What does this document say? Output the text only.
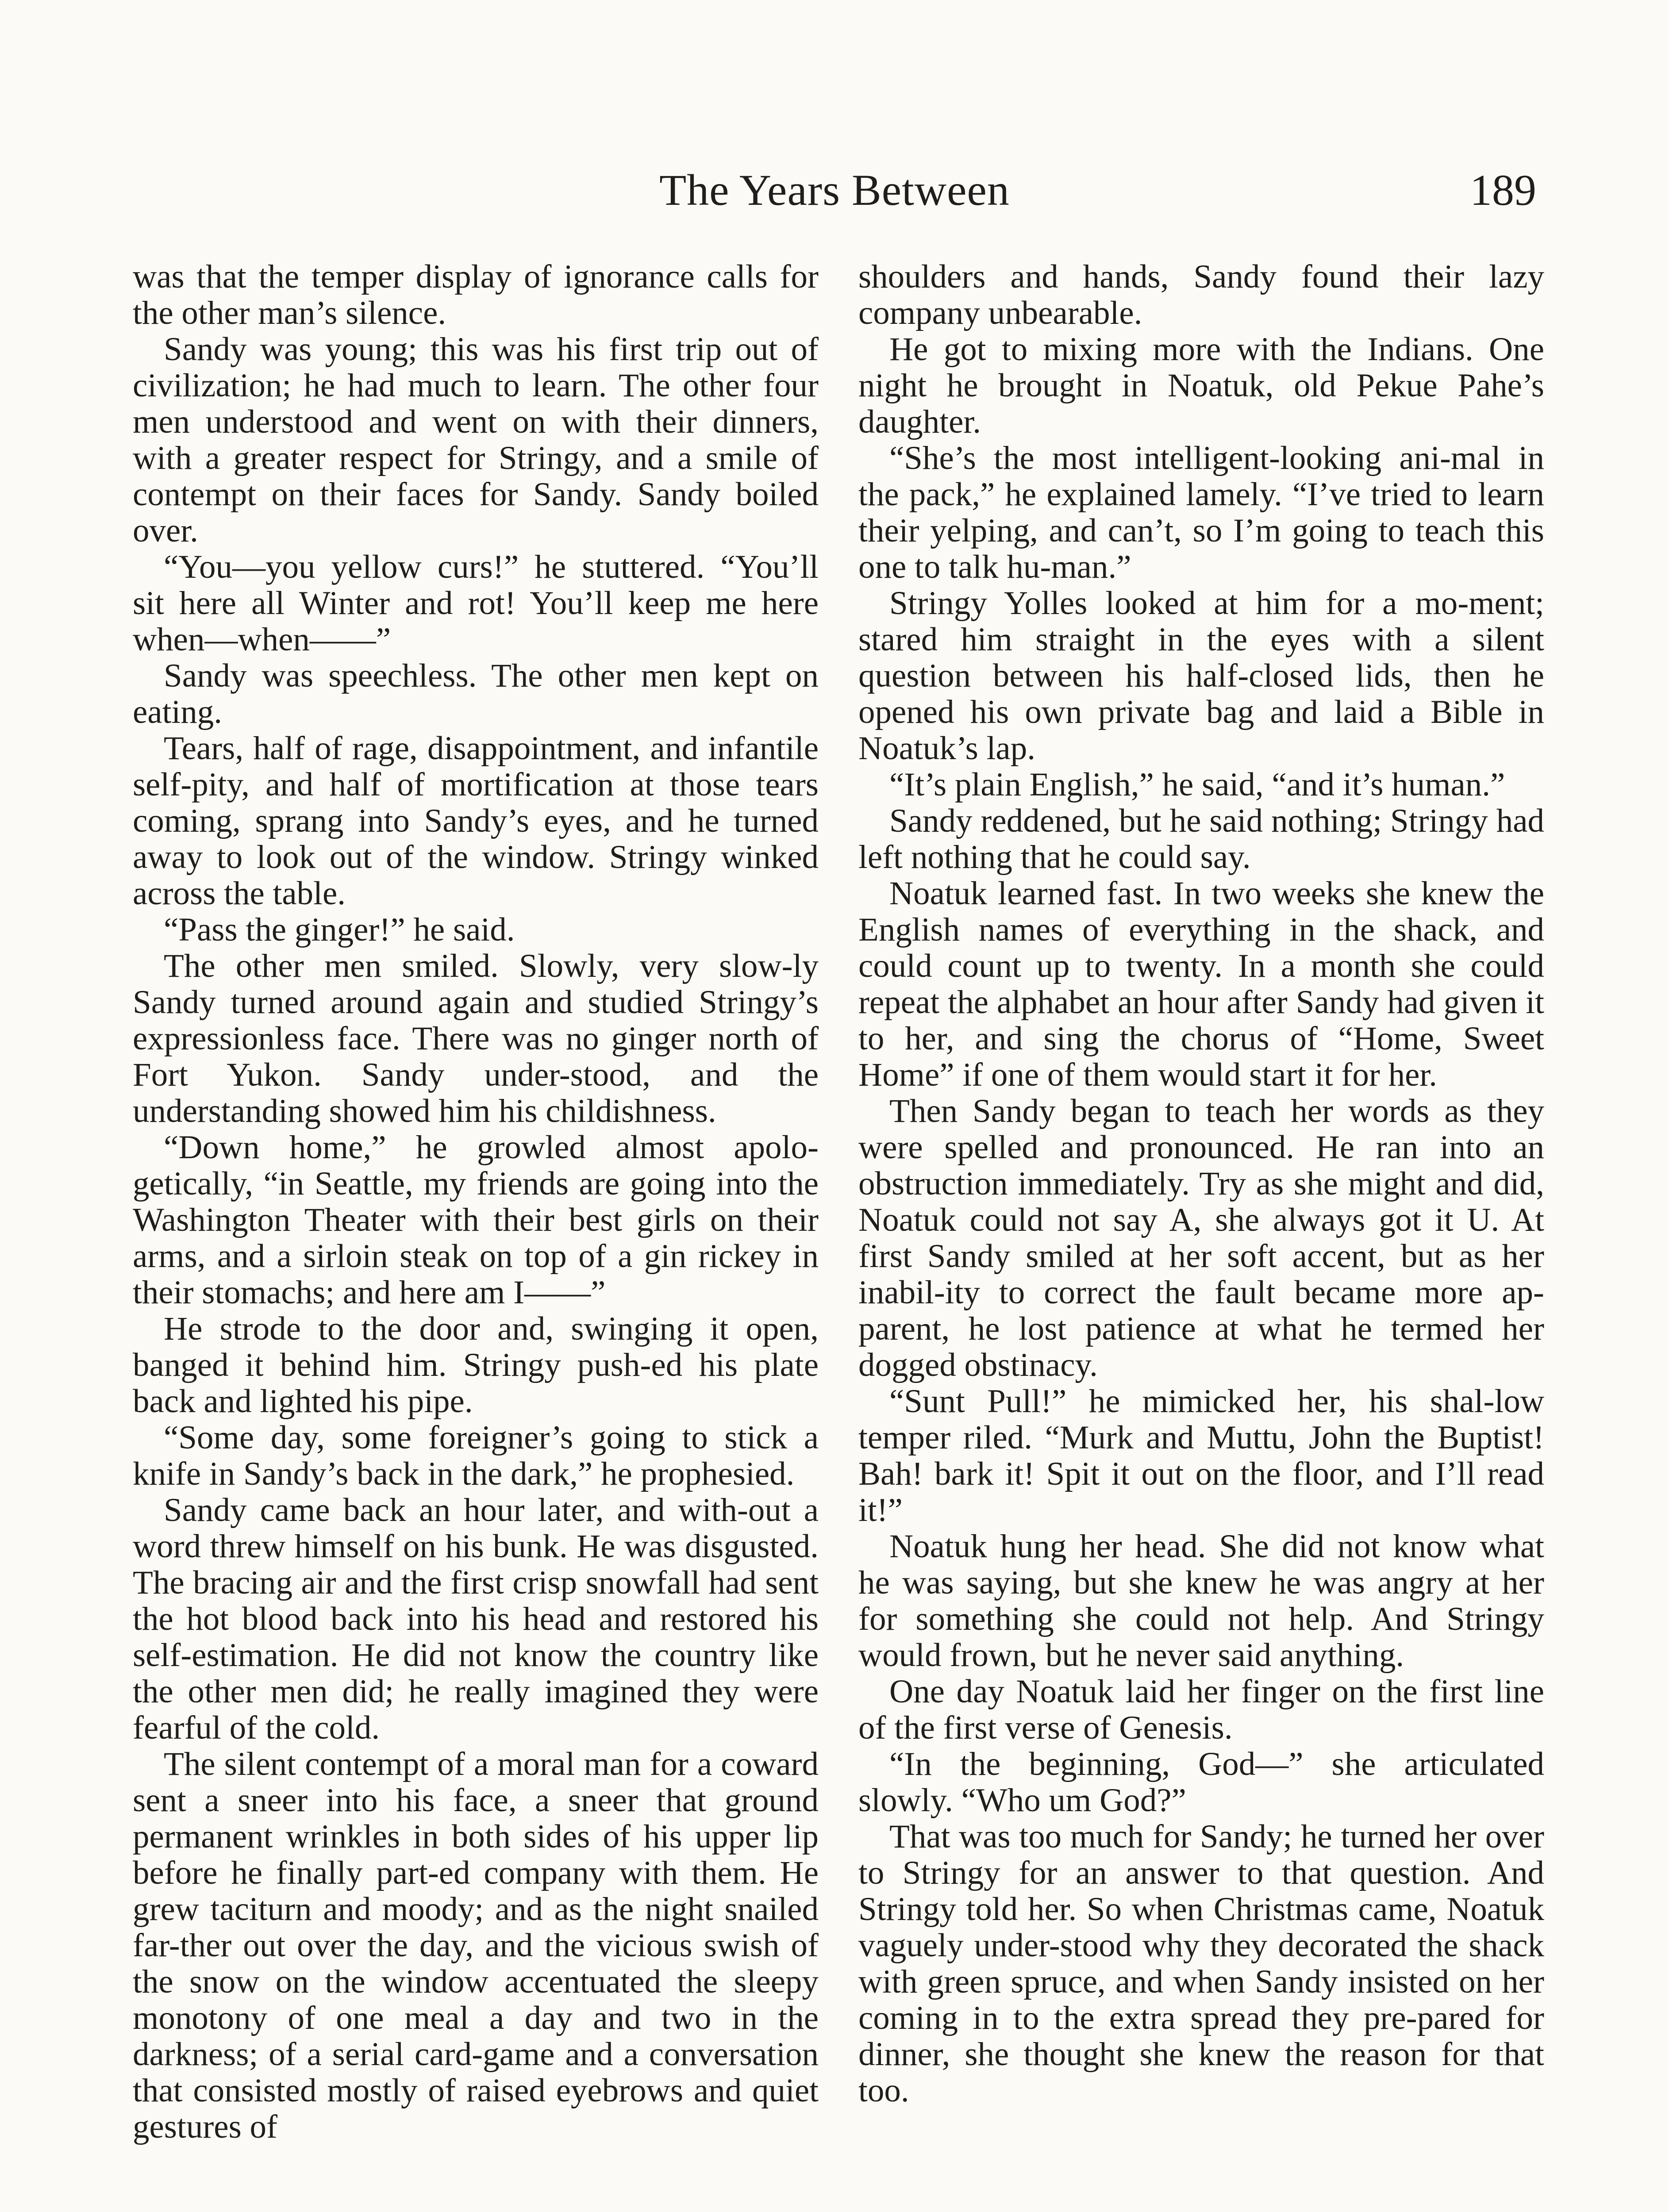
The Years Between	189

was that the temper display of ignorance calls for the other man’s silence.

Sandy was young; this was his first trip out of civilization; he had much to learn. The other four men understood and went on with their dinners, with a greater respect for Stringy, and a smile of contempt on their faces for Sandy. Sandy boiled over.

“You—you yellow curs!” he stuttered. “You’ll sit here all Winter and rot! You’ll keep me here when—when——”

Sandy was speechless. The other men kept on eating.

Tears, half of rage, disappointment, and infantile self-pity, and half of mortification at those tears coming, sprang into Sandy’s eyes, and he turned away to look out of the window. Stringy winked across the table.

“Pass the ginger!” he said.

The other men smiled. Slowly, very slow-ly Sandy turned around again and studied Stringy’s expressionless face. There was no ginger north of Fort Yukon. Sandy under-stood, and the understanding showed him his childishness.

“Down home,” he growled almost apolo-getically, “in Seattle, my friends are going into the Washington Theater with their best girls on their arms, and a sirloin steak on top of a gin rickey in their stomachs; and here am I——”

He strode to the door and, swinging it open, banged it behind him. Stringy push-ed his plate back and lighted his pipe.

“Some day, some foreigner’s going to stick a knife in Sandy’s back in the dark,” he prophesied.

Sandy came back an hour later, and with-out a word threw himself on his bunk. He was disgusted. The bracing air and the first crisp snowfall had sent the hot blood back into his head and restored his self-estimation. He did not know the country like the other men did; he really imagined they were fearful of the cold.

The silent contempt of a moral man for a coward sent a sneer into his face, a sneer that ground permanent wrinkles in both sides of his upper lip before he finally part-ed company with them. He grew taciturn and moody; and as the night snailed far-ther out over the day, and the vicious swish of the snow on the window accentuated the sleepy monotony of one meal a day and two in the darkness; of a serial card-game and a conversation that consisted mostly of raised eyebrows and quiet gestures of

shoulders and hands, Sandy found their lazy company unbearable.

He got to mixing more with the Indians. One night he brought in Noatuk, old Pekue Pahe’s daughter.

“She’s the most intelligent-looking ani-mal in the pack,” he explained lamely. “I’ve tried to learn their yelping, and can’t, so I’m going to teach this one to talk hu-man.”

Stringy Yolles looked at him for a mo-ment; stared him straight in the eyes with a silent question between his half-closed lids, then he opened his own private bag and laid a Bible in Noatuk’s lap.

“It’s plain English,” he said, “and it’s human.”

Sandy reddened, but he said nothing; Stringy had left nothing that he could say.

Noatuk learned fast. In two weeks she knew the English names of everything in the shack, and could count up to twenty. In a month she could repeat the alphabet an hour after Sandy had given it to her, and sing the chorus of “Home, Sweet Home” if one of them would start it for her.

Then Sandy began to teach her words as they were spelled and pronounced. He ran into an obstruction immediately. Try as she might and did, Noatuk could not say A, she always got it U. At first Sandy smiled at her soft accent, but as her inabil-ity to correct the fault became more ap-parent, he lost patience at what he termed her dogged obstinacy.

“Sunt Pull!” he mimicked her, his shal-low temper riled. “Murk and Muttu, John the Buptist! Bah! bark it! Spit it out on the floor, and I’ll read it!”

Noatuk hung her head. She did not know what he was saying, but she knew he was angry at her for something she could not help. And Stringy would frown, but he never said anything.

One day Noatuk laid her finger on the first line of the first verse of Genesis.

“In the beginning, God—” she articulated slowly. “Who um God?”

That was too much for Sandy; he turned her over to Stringy for an answer to that question. And Stringy told her. So when Christmas came, Noatuk vaguely under-stood why they decorated the shack with green spruce, and when Sandy insisted on her coming in to the extra spread they pre-pared for dinner, she thought she knew the reason for that too.
